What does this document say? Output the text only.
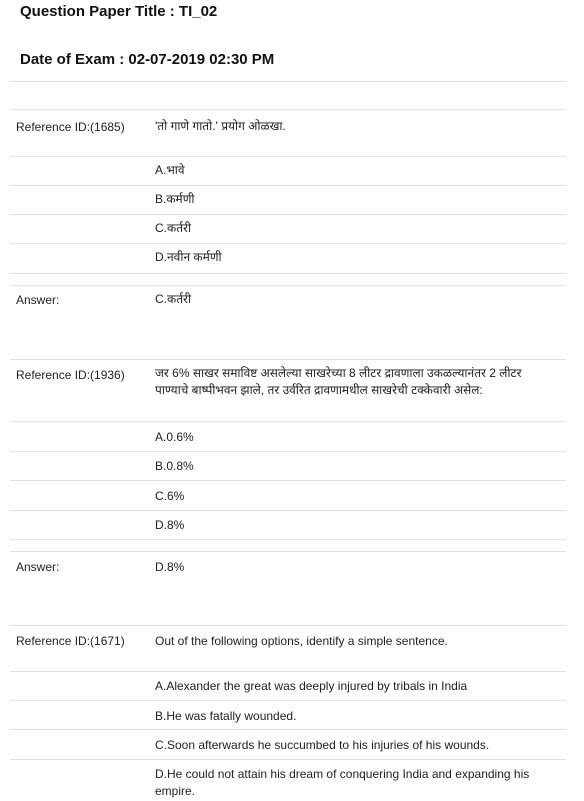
Question Paper Title : TI_02
Date of Exam : 02-07-2019 02:30 PM
Reference ID:(1685)	'तो गाणे गातो.' प्रयोग ओळखा.
A.भावे
B.कर्मणी
C.कर्तरी
D.नवीन कर्मणी
Answer:	C.कर्तरी
Reference ID:(1936)	जर 6% साखर समाविष्ट असलेल्या साखरेच्या 8 लीटर द्रावणाला उकळल्यानंतर 2 लीटर पाण्याचे बाष्पीभवन झाले, तर उर्वरित द्रावणामधील साखरेची टक्केवारी असेल:
A.0.6%
B.0.8%
C.6%
D.8%
Answer:	D.8%
Reference ID:(1671)	Out of the following options, identify a simple sentence.
A.Alexander the great was deeply injured by tribals in India
B.He was fatally wounded.
C.Soon afterwards he succumbed to his injuries of his wounds.
D.He could not attain his dream of conquering India and expanding his empire.
